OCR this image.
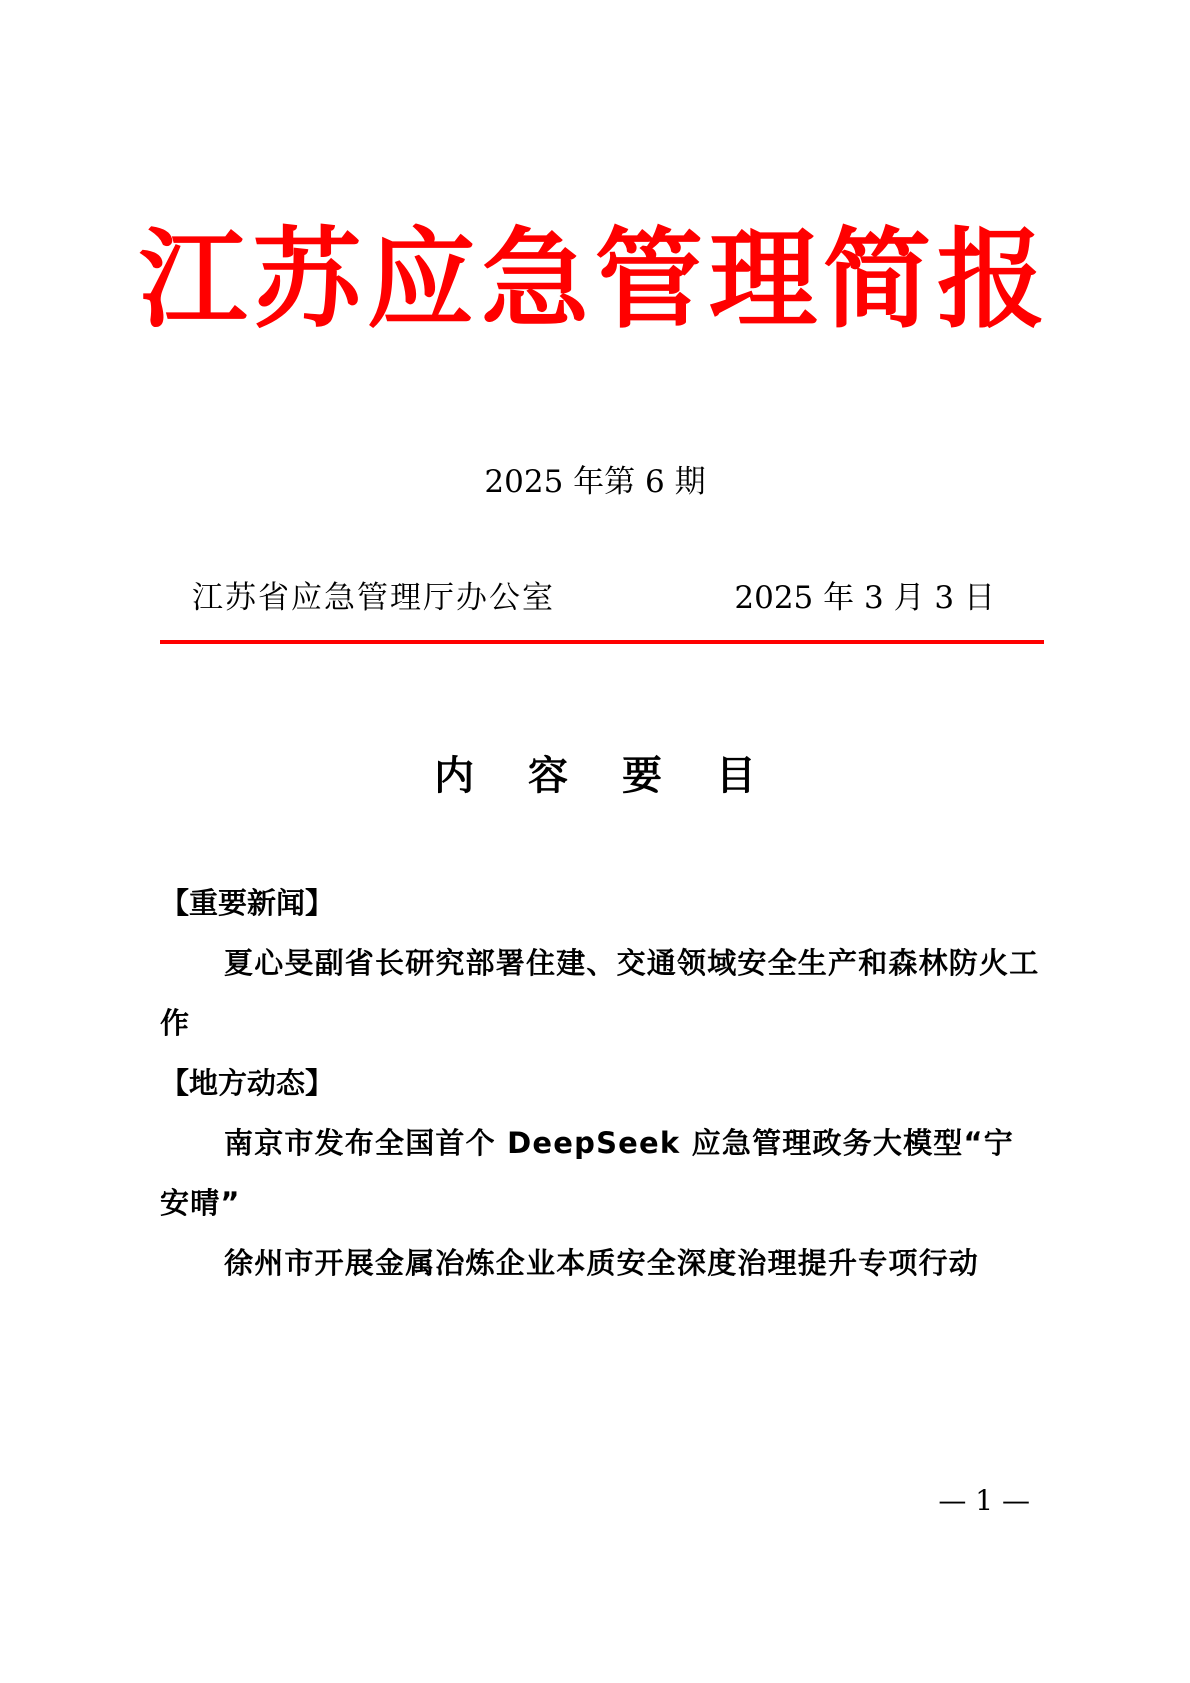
江苏应急管理简报
2025 年第 6 期
江苏省应急管理厅办公室	2025 年 3 月 3 日
内 容 要 目

【重要新闻】

夏心旻副省长研究部署住建、交通领域安全生产和森林防火工作

【地方动态】

南京市发布全国首个 DeepSeek 应急管理政务大模型“宁安晴”

徐州市开展金属冶炼企业本质安全深度治理提升专项行动

— 1 —
